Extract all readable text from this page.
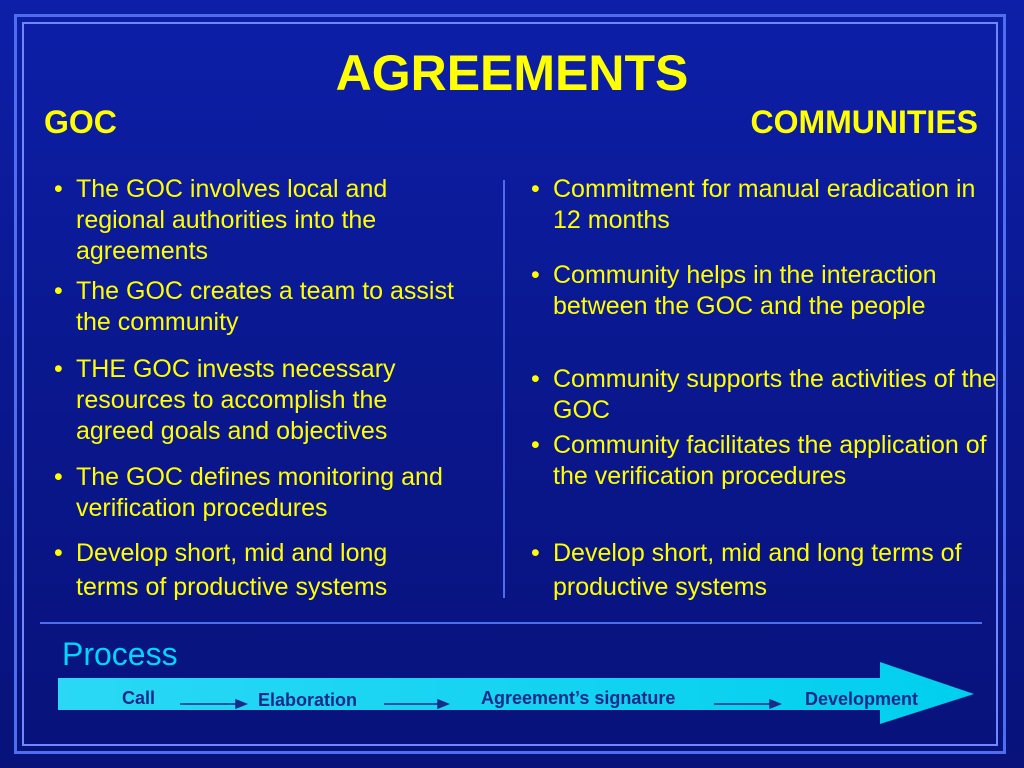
AGREEMENTS
GOC	COMMUNITIES
• The GOC involves local and regional authorities into the agreements
• The GOC creates a team to assist the community
• THE GOC invests necessary resources to accomplish the agreed goals and objectives
• The GOC defines monitoring and verification procedures
• Develop short, mid and long terms of productive systems
• Commitment for manual eradication in 12 months
• Community helps in the interaction between the GOC and the people
• Community supports the activities of the GOC
• Community facilitates the application of the verification procedures
• Develop short, mid and long terms of productive systems
Process
Call	Elaboration	Agreement’s signature	Development
